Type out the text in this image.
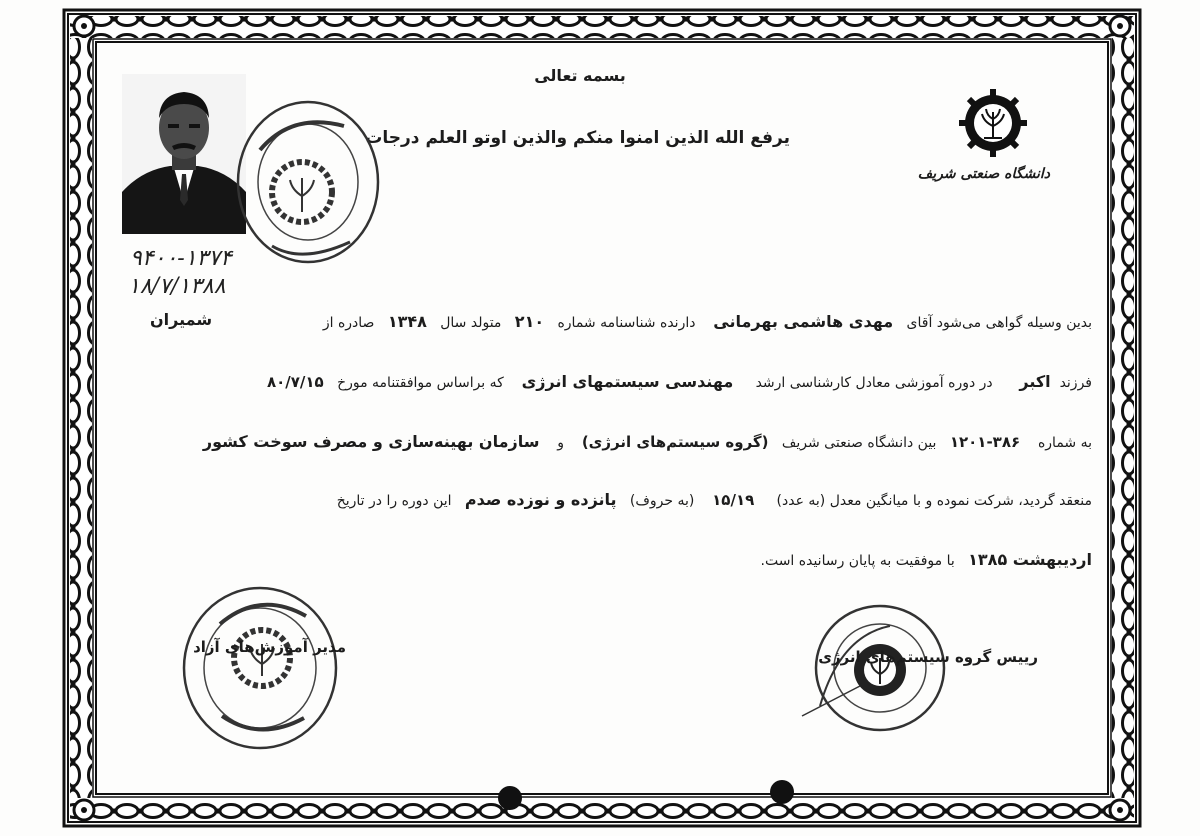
بسمه تعالی
یرفع الله الذین امنوا منکم والذین اوتو العلم درجات
دانشگاه صنعتی شریف
۹۴۰۰-۱۳۷۴
۱۸/۷/۱۳۸۸
بدین وسیله گواهی می‌شود آقای   مهدی هاشمی بهرمانی    دارنده شناسنامه شماره   ۲۱۰   متولد سال   ۱۳۴۸   صادره از
شمیران
فرزند  اکبر      در دوره آموزشی معادل کارشناسی ارشد     مهندسی سیستمهای انرژی    که براساس موافقتنامه مورخ   ۸۰/۷/۱۵
به شماره    ۳۸۶-۱۲۰۱   بین دانشگاه صنعتی شریف   (گروه سیستم‌های انرژی)    و    سازمان بهینه‌سازی و مصرف سوخت کشور
منعقد گردید، شرکت نموده و با میانگین معدل (به عدد)     ۱۵/۱۹    (به حروف)   پانزده و نوزده صدم   این دوره را در تاریخ
اردیبهشت ۱۳۸۵   با موفقیت به پایان رسانیده است.
مدیر آموزش‌های آزاد
رییس گروه سیستم‌های انرژی
